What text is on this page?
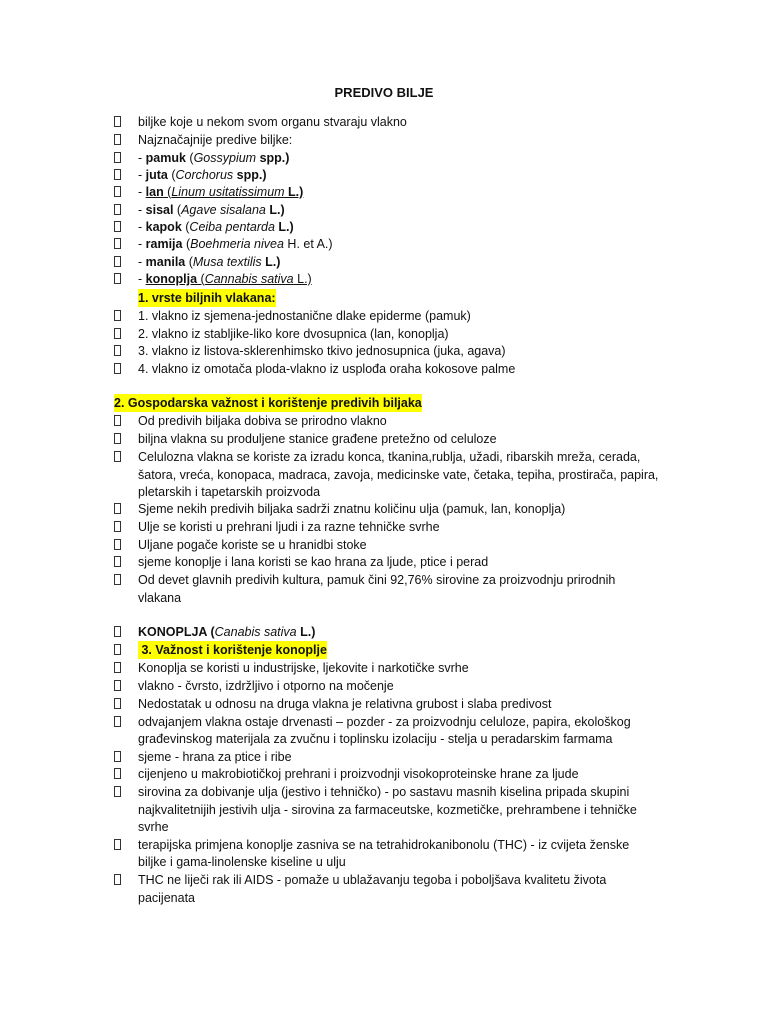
PREDIVO BILJE
biljke koje u nekom svom organu stvaraju vlakno
Najznačajnije predive biljke:
- pamuk (Gossypium spp.)
- juta (Corchorus spp.)
- lan (Linum usitatissimum L.)
- sisal (Agave sisalana L.)
- kapok (Ceiba pentarda L.)
- ramija (Boehmeria nivea H. et A.)
- manila (Musa textilis L.)
- konoplja (Cannabis sativa L.)
1. vrste biljnih vlakana:
1. vlakno iz sjemena-jednostanične dlake epiderme (pamuk)
2. vlakno iz stabljike-liko kore dvosupnica (lan, konoplja)
3. vlakno iz listova-sklerenhimsko tkivo jednosupnica (juka, agava)
4. vlakno iz omotača ploda-vlakno iz usplođa oraha kokosove palme
2. Gospodarska važnost i korištenje predivih biljaka
Od predivih biljaka dobiva se prirodno vlakno
biljna vlakna su produljene stanice građene pretežno od celuloze
Celulozna vlakna se koriste za izradu konca, tkanina,rublja, užadi, ribarskih mreža, cerada,
šatora, vreća, konopaca, madraca, zavoja, medicinske vate, četaka, tepiha, prostirača, papira,
pletarskih i tapetarskih proizvoda
Sjeme nekih predivih biljaka sadrži znatnu količinu ulja (pamuk, lan, konoplja)
Ulje se koristi u prehrani ljudi i za razne tehničke svrhe
Uljane pogače koriste se u hranidbi stoke
sjeme konoplje i lana koristi se kao hrana za ljude, ptice i perad
Od devet glavnih predivih kultura, pamuk čini 92,76% sirovine za proizvodnju prirodnih
vlakana
KONOPLJA (Canabis sativa L.)
3. Važnost i korištenje konoplje
Konoplja se koristi u industrijske, ljekovite i narkotičke svrhe
vlakno - čvrsto, izdržljivo i otporno na močenje
Nedostatak u odnosu na druga vlakna je relativna grubost i slaba predivost
odvajanjem vlakna ostaje drvenasti – pozder - za proizvodnju celuloze, papira, ekološkog
građevinskog materijala za zvučnu i toplinsku izolaciju - stelja u peradarskim farmama
sjeme - hrana za ptice i ribe
cijenjeno u makrobiotičkoj prehrani i proizvodnji visokoproteinske hrane za ljude
sirovina za dobivanje ulja (jestivo i tehničko) - po sastavu masnih kiselina pripada skupini
najkvalitetnijih jestivih ulja - sirovina za farmaceutske, kozmetičke, prehrambene i tehničke
svrhe
terapijska primjena konoplje zasniva se na tetrahidrokanibonolu (THC) - iz cvijeta ženske
biljke i gama-linolenske kiseline u ulju
THC ne liječi rak ili AIDS - pomaže u ublažavanju tegoba i poboljšava kvalitetu života
pacijenata
